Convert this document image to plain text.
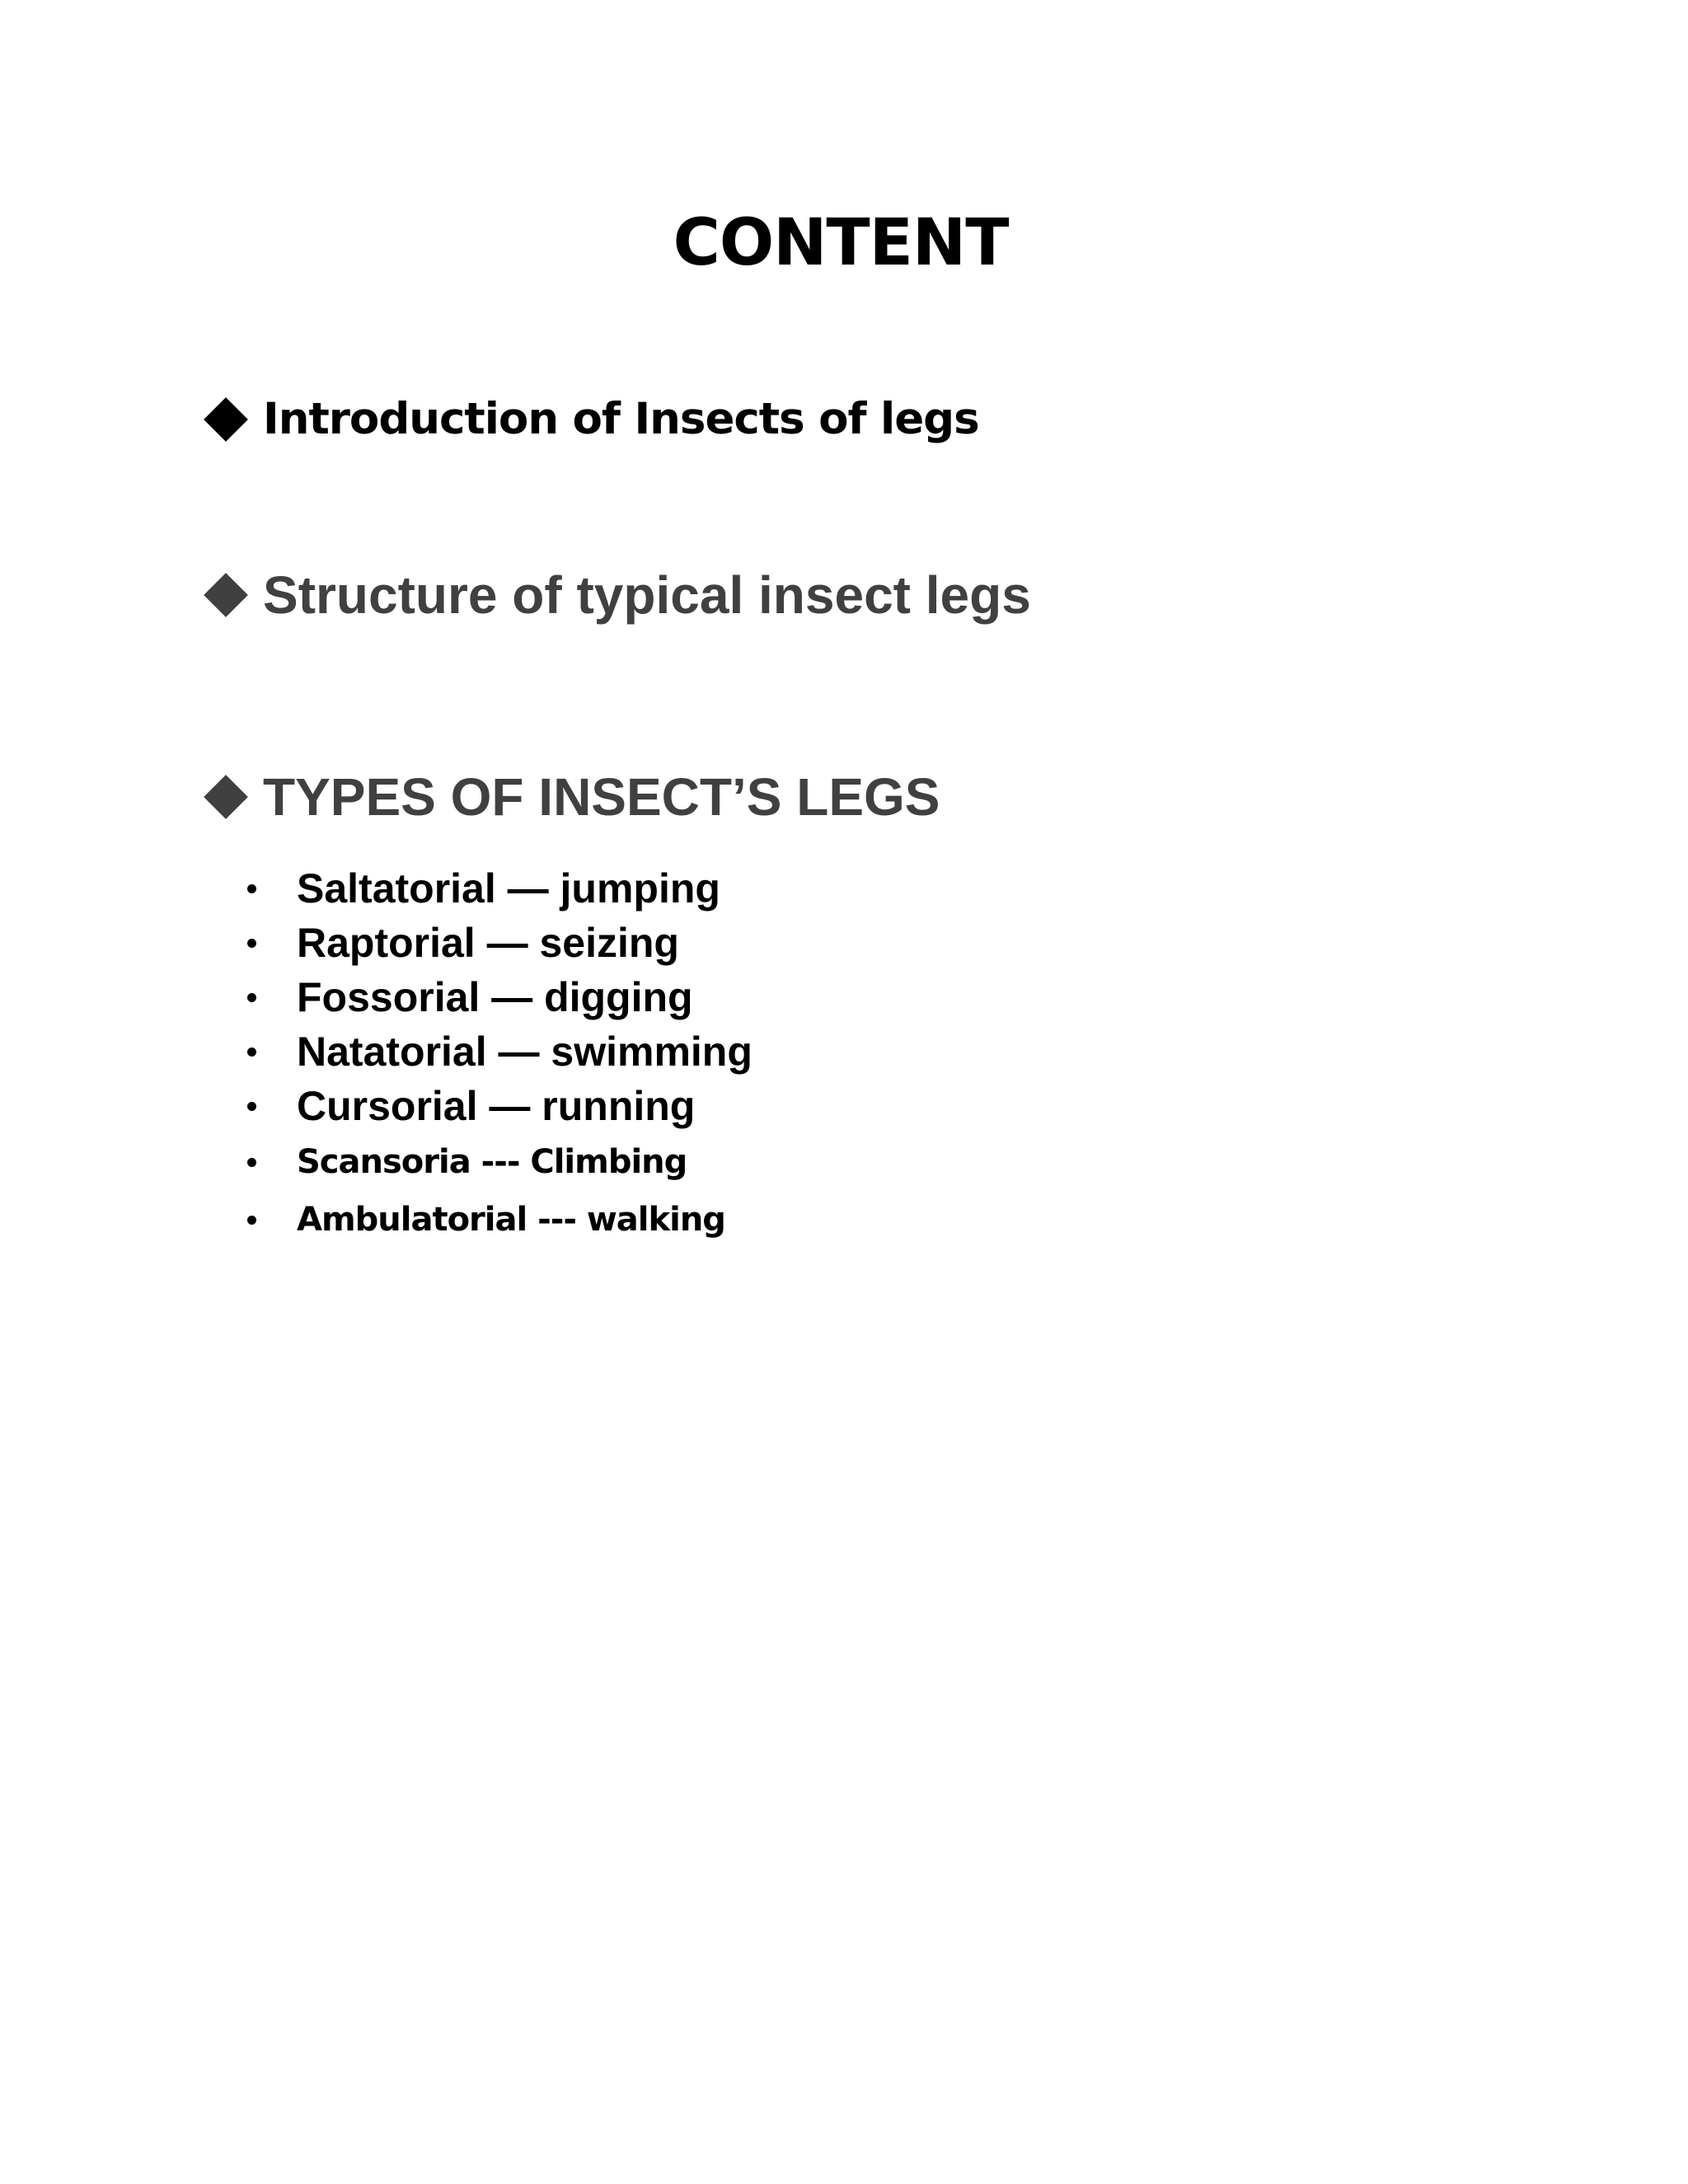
CONTENT
Introduction of Insects of legs
Structure of typical insect legs
TYPES OF INSECT’S LEGS
Saltatorial — jumping
Raptorial — seizing
Fossorial — digging
Natatorial — swimming
Cursorial — running
Scansoria --- Climbing
Ambulatorial --- walking
